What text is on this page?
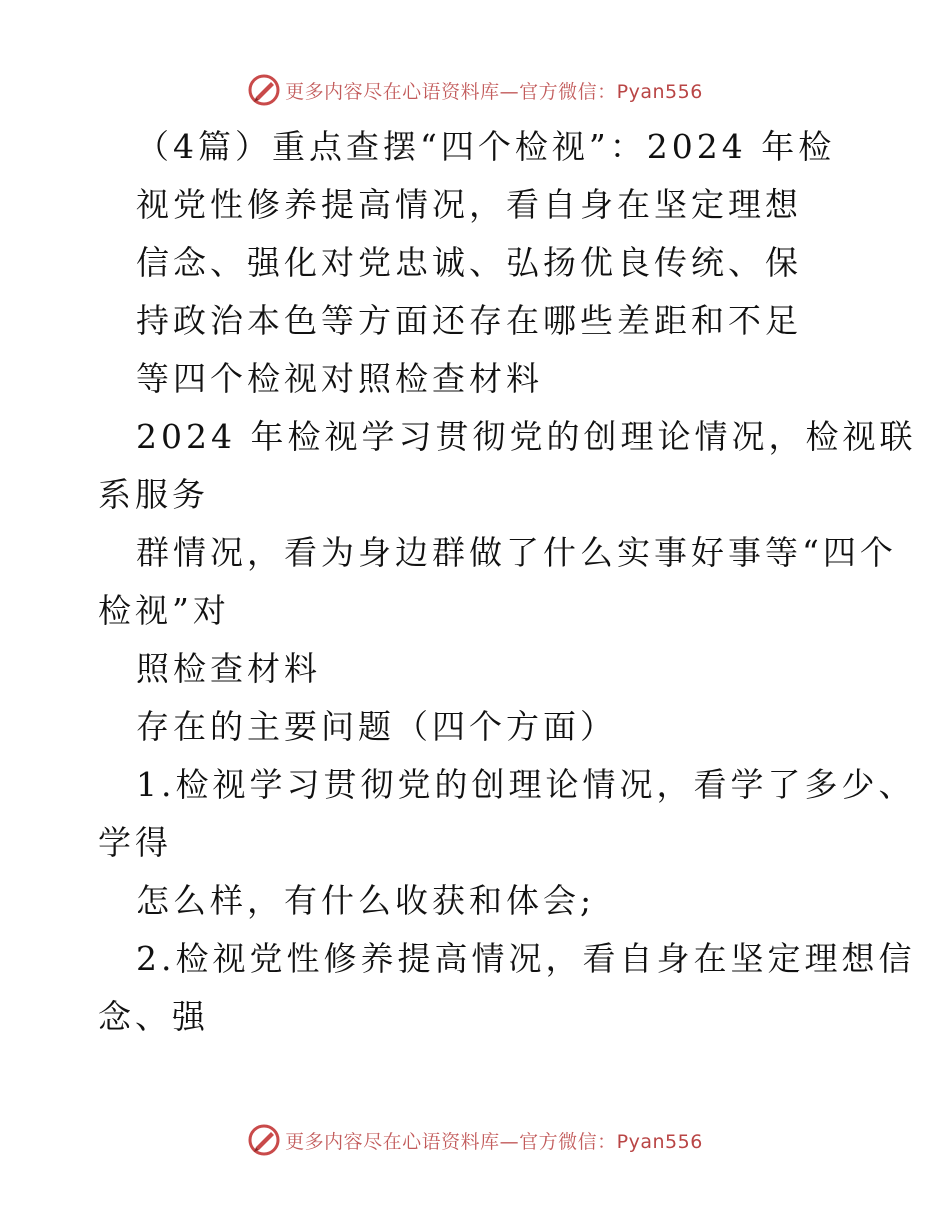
更多内容尽在心语资料库—官方微信：Pyan556
（4篇）重点查摆“四个检视”：2024 年检
视党性修养提高情况，看自身在坚定理想
信念、强化对党忠诚、弘扬优良传统、保
持政治本色等方面还存在哪些差距和不足
等四个检视对照检查材料
2024 年检视学习贯彻党的创理论情况，检视联
系服务
群情况，看为身边群做了什么实事好事等“四个
检视”对
照检查材料
存在的主要问题（四个方面）
1.检视学习贯彻党的创理论情况，看学了多少、
学得
怎么样，有什么收获和体会;
2.检视党性修养提高情况，看自身在坚定理想信
念、强
更多内容尽在心语资料库—官方微信：Pyan556
